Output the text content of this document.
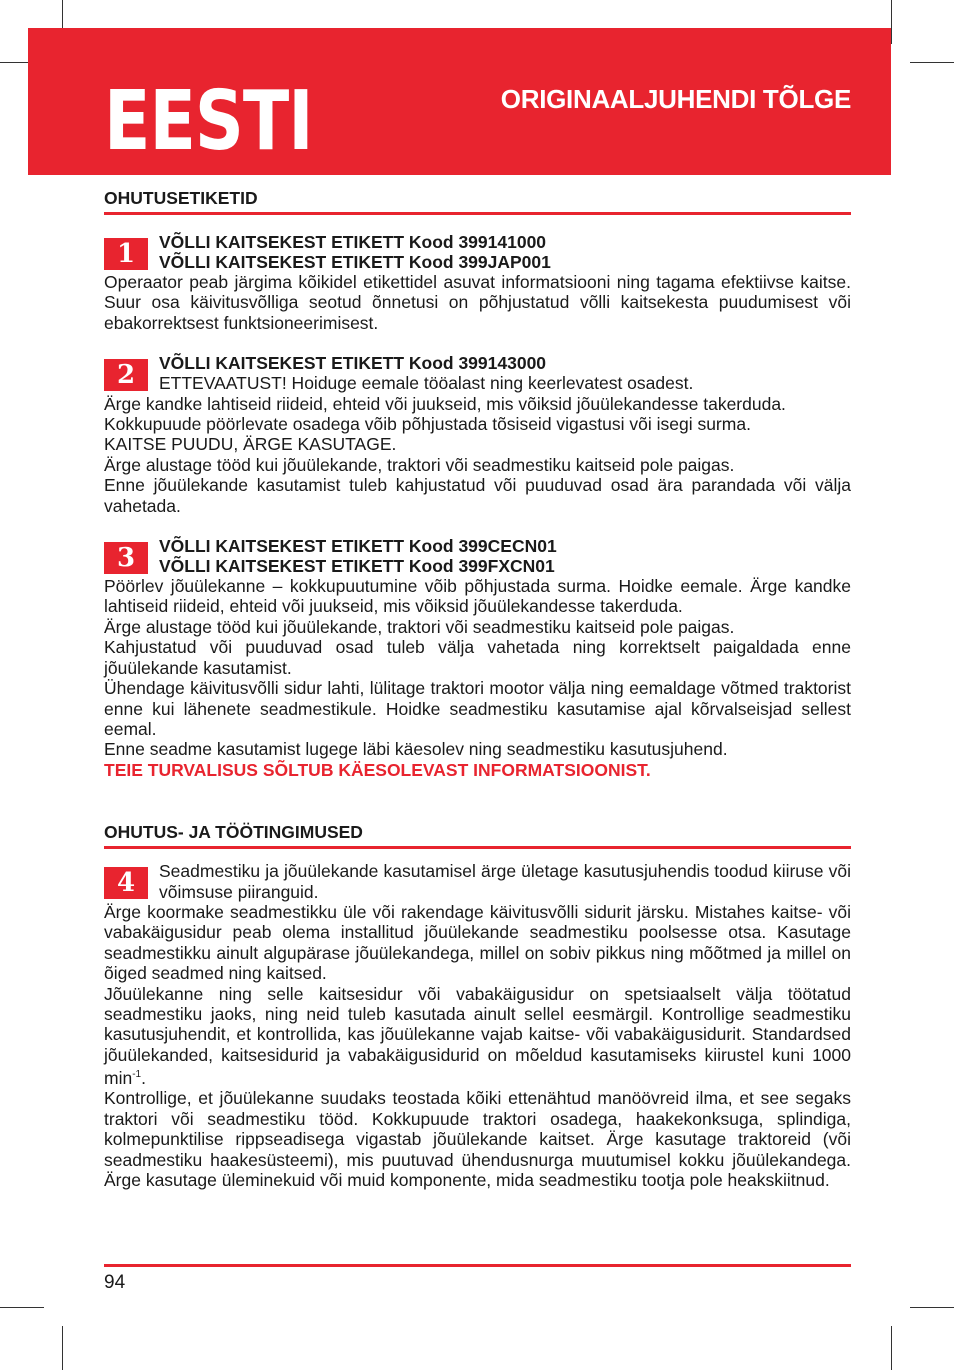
EESTI	ORIGINAALJUHENDI TÕLGE
OHUTUSETIKETID
1	VÕLLI KAITSEKEST ETIKETT Kood 399141000
VÕLLI KAITSEKEST ETIKETT Kood 399JAP001

Operaator peab järgima kõikidel etikettidel asuvat informatsiooni ning tagama efektiivse kaitse. Suur osa käivitusvõlliga seotud õnnetusi on põhjustatud võlli kaitsekesta puudumisest või ebakorrektsest funktsioneerimisest.

2	VÕLLI KAITSEKEST ETIKETT Kood 399143000

ETTEVAATUST! Hoiduge eemale tööalast ning keerlevatest osadest.

Ärge kandke lahtiseid riideid, ehteid või juukseid, mis võiksid jõuülekandesse takerduda.

Kokkupuude pöörlevate osadega võib põhjustada tõsiseid vigastusi või isegi surma.

KAITSE PUUDU, ÄRGE KASUTAGE.

Ärge alustage tööd kui jõuülekande, traktori või seadmestiku kaitseid pole paigas.

Enne jõuülekande kasutamist tuleb kahjustatud või puuduvad osad ära parandada või välja vahetada.

3	VÕLLI KAITSEKEST ETIKETT Kood 399CECN01
VÕLLI KAITSEKEST ETIKETT Kood 399FXCN01

Pöörlev jõuülekanne – kokkupuutumine võib põhjustada surma. Hoidke eemale. Ärge kandke lahtiseid riideid, ehteid või juukseid, mis võiksid jõuülekandesse takerduda.

Ärge alustage tööd kui jõuülekande, traktori või seadmestiku kaitseid pole paigas.

Kahjustatud või puuduvad osad tuleb välja vahetada ning korrektselt paigaldada enne jõuülekande kasutamist.

Ühendage käivitusvõlli sidur lahti, lülitage traktori mootor välja ning eemaldage võtmed traktorist enne kui lähenete seadmestikule. Hoidke seadmestiku kasutamise ajal kõrvalseisjad sellest eemal.

Enne seadme kasutamist lugege läbi käesolev ning seadmestiku kasutusjuhend.

TEIE TURVALISUS SÕLTUB KÄESOLEVAST INFORMATSIOONIST.

OHUTUS- JA TÖÖTINGIMUSED
4	Seadmestiku ja jõuülekande kasutamisel ärge ületage kasutusjuhendis toodud kiiruse või võimsuse piiranguid.

Ärge koormake seadmestikku üle või rakendage käivitusvõlli sidurit järsku. Mistahes kaitse- või vabakäigusidur peab olema installitud jõuülekande seadmestiku poolsesse otsa. Kasutage seadmestikku ainult algupärase jõuülekandega, millel on sobiv pikkus ning mõõtmed ja millel on õiged seadmed ning kaitsed.

Jõuülekanne ning selle kaitsesidur või vabakäigusidur on spetsiaalselt välja töötatud seadmestiku jaoks, ning neid tuleb kasutada ainult sellel eesmärgil. Kontrollige seadmestiku kasutusjuhendit, et kontrollida, kas jõuülekanne vajab kaitse- või vabakäigusidurit. Standardsed jõuülekanded, kaitsesidurid ja vabakäigusidurid on mõeldud kasutamiseks kiirustel kuni 1000 $\min^{-1}$.

Kontrollige, et jõuülekanne suudaks teostada kõiki ettenähtud manöövreid ilma, et see segaks traktori või seadmestiku tööd. Kokkupuude traktori osadega, haakekonksuga, splindiga, kolmepunktilise rippseadisega vigastab jõuülekande kaitset. Ärge kasutage traktoreid (või seadmestiku haakesüsteemi), mis puutuvad ühendusnurga muutumisel kokku jõuülekandega. Ärge kasutage üleminekuid või muid komponente, mida seadmestiku tootja pole heakskiitnud.

94
